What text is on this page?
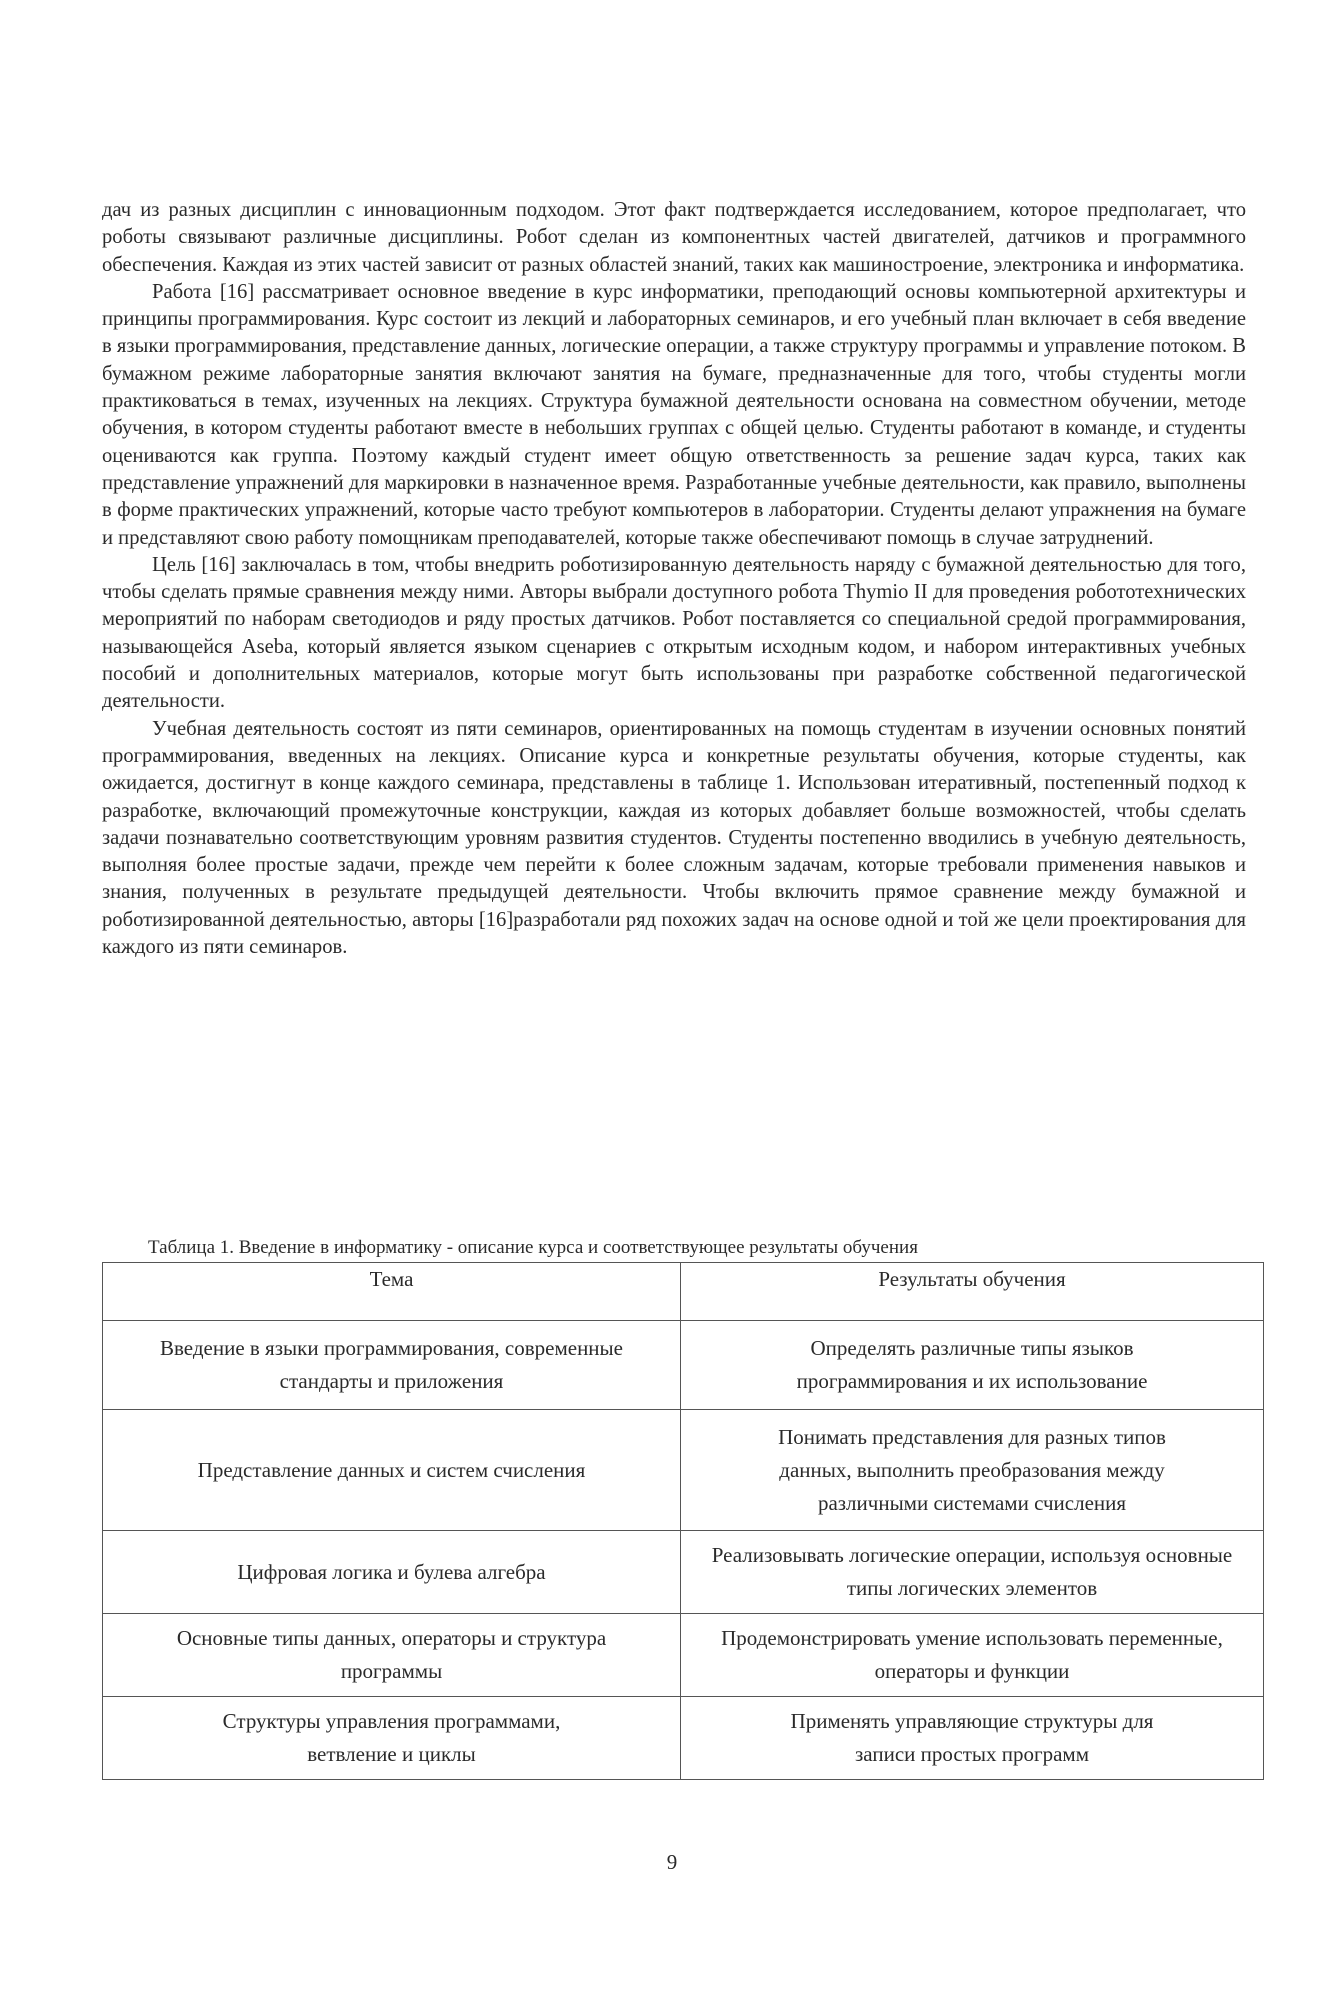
дач из разных дисциплин с инновационным подходом. Этот факт подтверждается исследованием, которое предполагает, что роботы связывают различные дисциплины. Робот сделан из компонентных частей двигателей, датчиков и программного обеспечения. Каждая из этих частей зависит от разных областей знаний, таких как машиностроение, электроника и информатика.

Работа [16] рассматривает основное введение в курс информатики, преподающий основы компьютерной архитектуры и принципы программирования. Курс состоит из лекций и лабораторных семинаров, и его учебный план включает в себя введение в языки программирования, представление данных, логические операции, а также структуру программы и управление потоком. В бумажном режиме лабораторные занятия включают занятия на бумаге, предназначенные для того, чтобы студенты могли практиковаться в темах, изученных на лекциях. Структура бумажной деятельности основана на совместном обучении, методе обучения, в котором студенты работают вместе в небольших группах с общей целью. Студенты работают в команде, и студенты оцениваются как группа. Поэтому каждый студент имеет общую ответственность за решение задач курса, таких как представление упражнений для маркировки в назначенное время. Разработанные учебные деятельности, как правило, выполнены в форме практических упражнений, которые часто требуют компьютеров в лаборатории. Студенты делают упражнения на бумаге и представляют свою работу помощникам преподавателей, которые также обеспечивают помощь в случае затруднений.

Цель [16] заключалась в том, чтобы внедрить роботизированную деятельность наряду с бумажной деятельностью для того, чтобы сделать прямые сравнения между ними. Авторы выбрали доступного робота Thymio II для проведения робототехнических мероприятий по наборам светодиодов и ряду простых датчиков. Робот поставляется со специальной средой программирования, называющейся Aseba, который является языком сценариев с открытым исходным кодом, и набором интерактивных учебных пособий и дополнительных материалов, которые могут быть использованы при разработке собственной педагогической деятельности.

Учебная деятельность состоят из пяти семинаров, ориентированных на помощь студентам в изучении основных понятий программирования, введенных на лекциях. Описание курса и конкретные результаты обучения, которые студенты, как ожидается, достигнут в конце каждого семинара, представлены в таблице 1. Использован итеративный, постепенный подход к разработке, включающий промежуточные конструкции, каждая из которых добавляет больше возможностей, чтобы сделать задачи познавательно соответствующим уровням развития студентов. Студенты постепенно вводились в учебную деятельность, выполняя более простые задачи, прежде чем перейти к более сложным задачам, которые требовали применения навыков и знания, полученных в результате предыдущей деятельности. Чтобы включить прямое сравнение между бумажной и роботизированной деятельностью, авторы [16]разработали ряд похожих задач на основе одной и той же цели проектирования для каждого из пяти семинаров.

Таблица 1. Введение в информатику - описание курса и соответствующее результаты обучения
Тема	Результаты обучения
Введение в языки программирования, современные стандарты и приложения	Определять различные типы языков программирования и их использование
Представление данных и систем счисления	Понимать представления для разных типов данных, выполнить преобразования между различными системами счисления
Цифровая логика и булева алгебра	Реализовывать логические операции, используя основные типы логических элементов
Основные типы данных, операторы и структура программы	Продемонстрировать умение использовать переменные, операторы и функции
Структуры управления программами, ветвление и циклы	Применять управляющие структуры для записи простых программ
9
